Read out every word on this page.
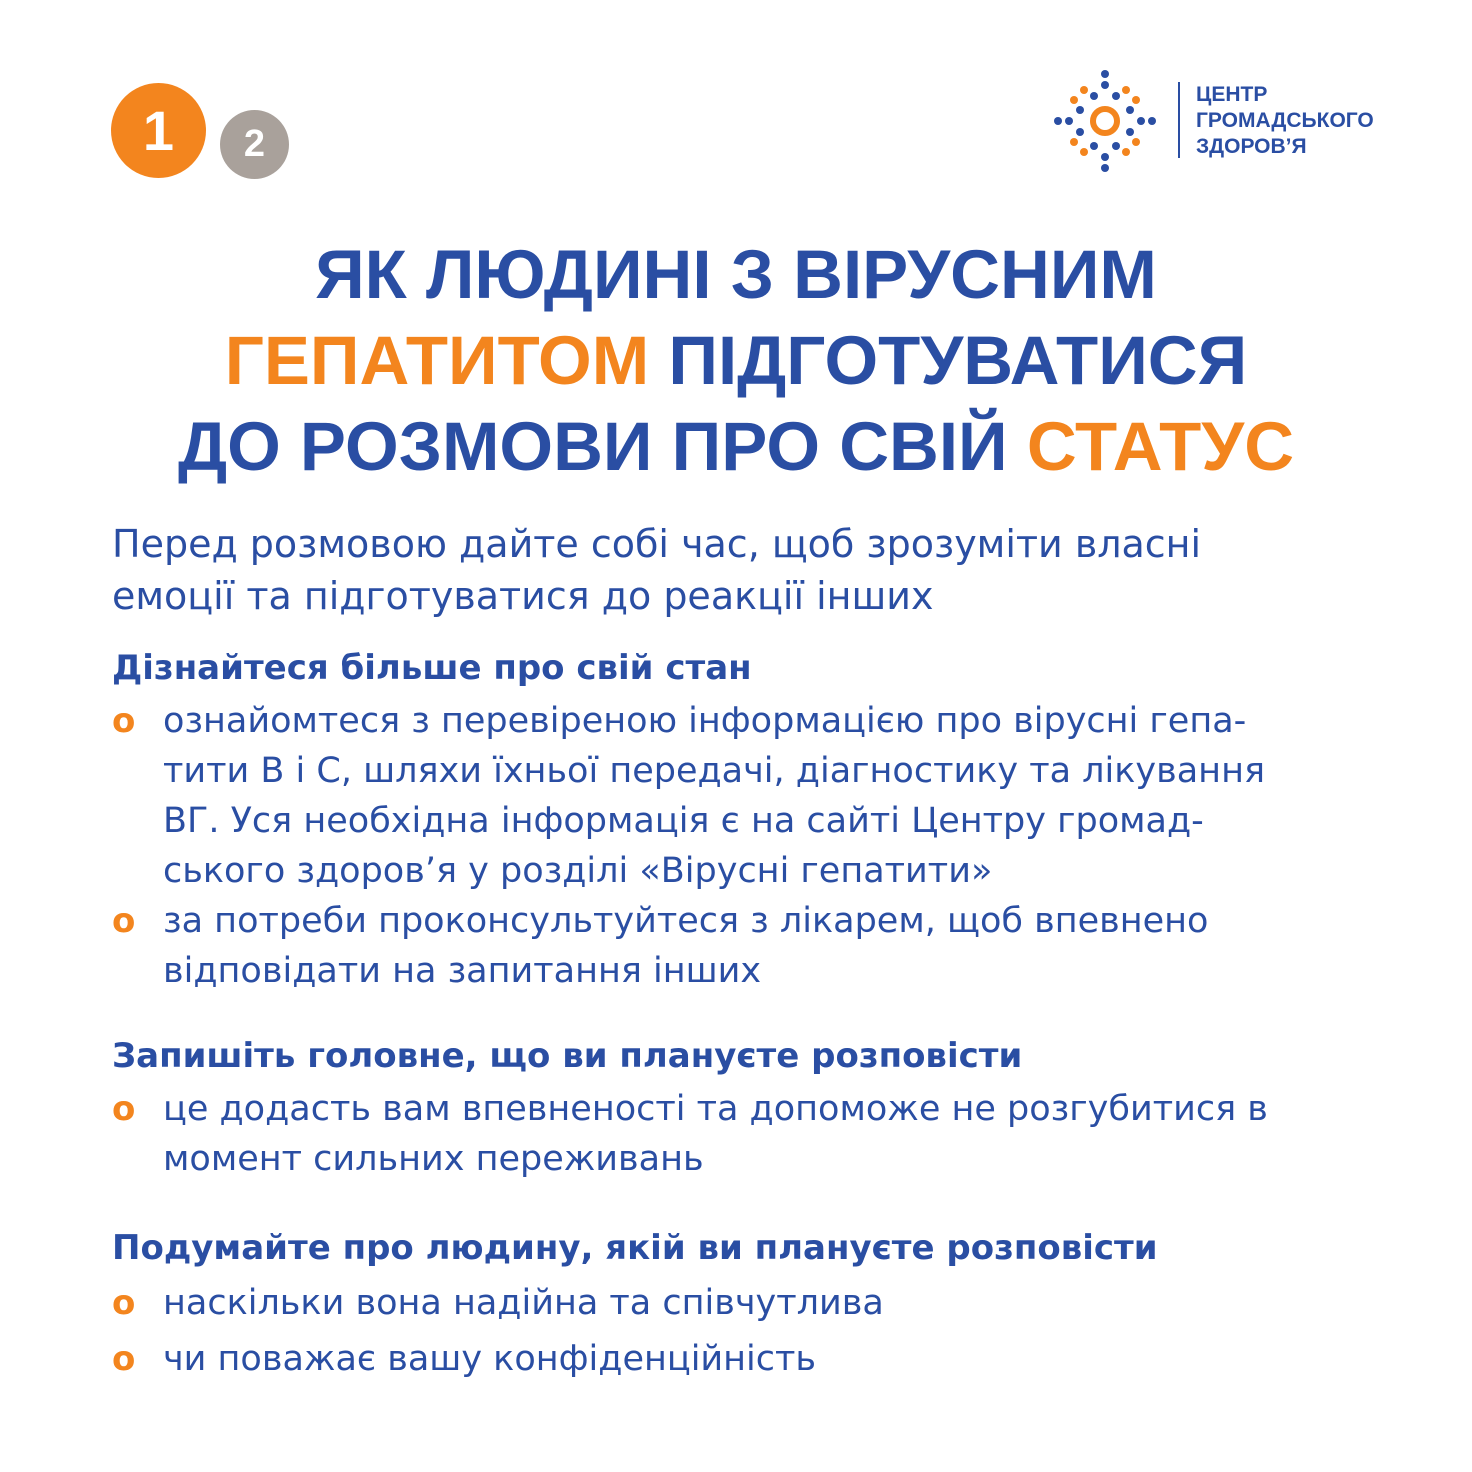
1 2
ЦЕНТР
ГРОМАДСЬКОГО
ЗДОРОВ’Я
ЯК ЛЮДИНІ З ВІРУСНИМ
ГЕПАТИТОМ ПІДГОТУВАТИСЯ
ДО РОЗМОВИ ПРО СВІЙ СТАТУС

Перед розмовою дайте собі час, щоб зрозуміти власні
емоції та підготуватися до реакції інших

Дізнайтеся більше про свій стан
o ознайомтеся з перевіреною інформацією про вірусні гепа-
тити В і С, шляхи їхньої передачі, діагностику та лікування
ВГ. Уся необхідна інформація є на сайті Центру громад-
ського здоров’я у розділі «Вірусні гепатити»
o за потреби проконсультуйтеся з лікарем, щоб впевнено
відповідати на запитання інших
Запишіть головне, що ви плануєте розповісти
o це додасть вам впевненості та допоможе не розгубитися в
момент сильних переживань
Подумайте про людину, якій ви плануєте розповісти
o наскільки вона надійна та співчутлива
o чи поважає вашу конфіденційність
